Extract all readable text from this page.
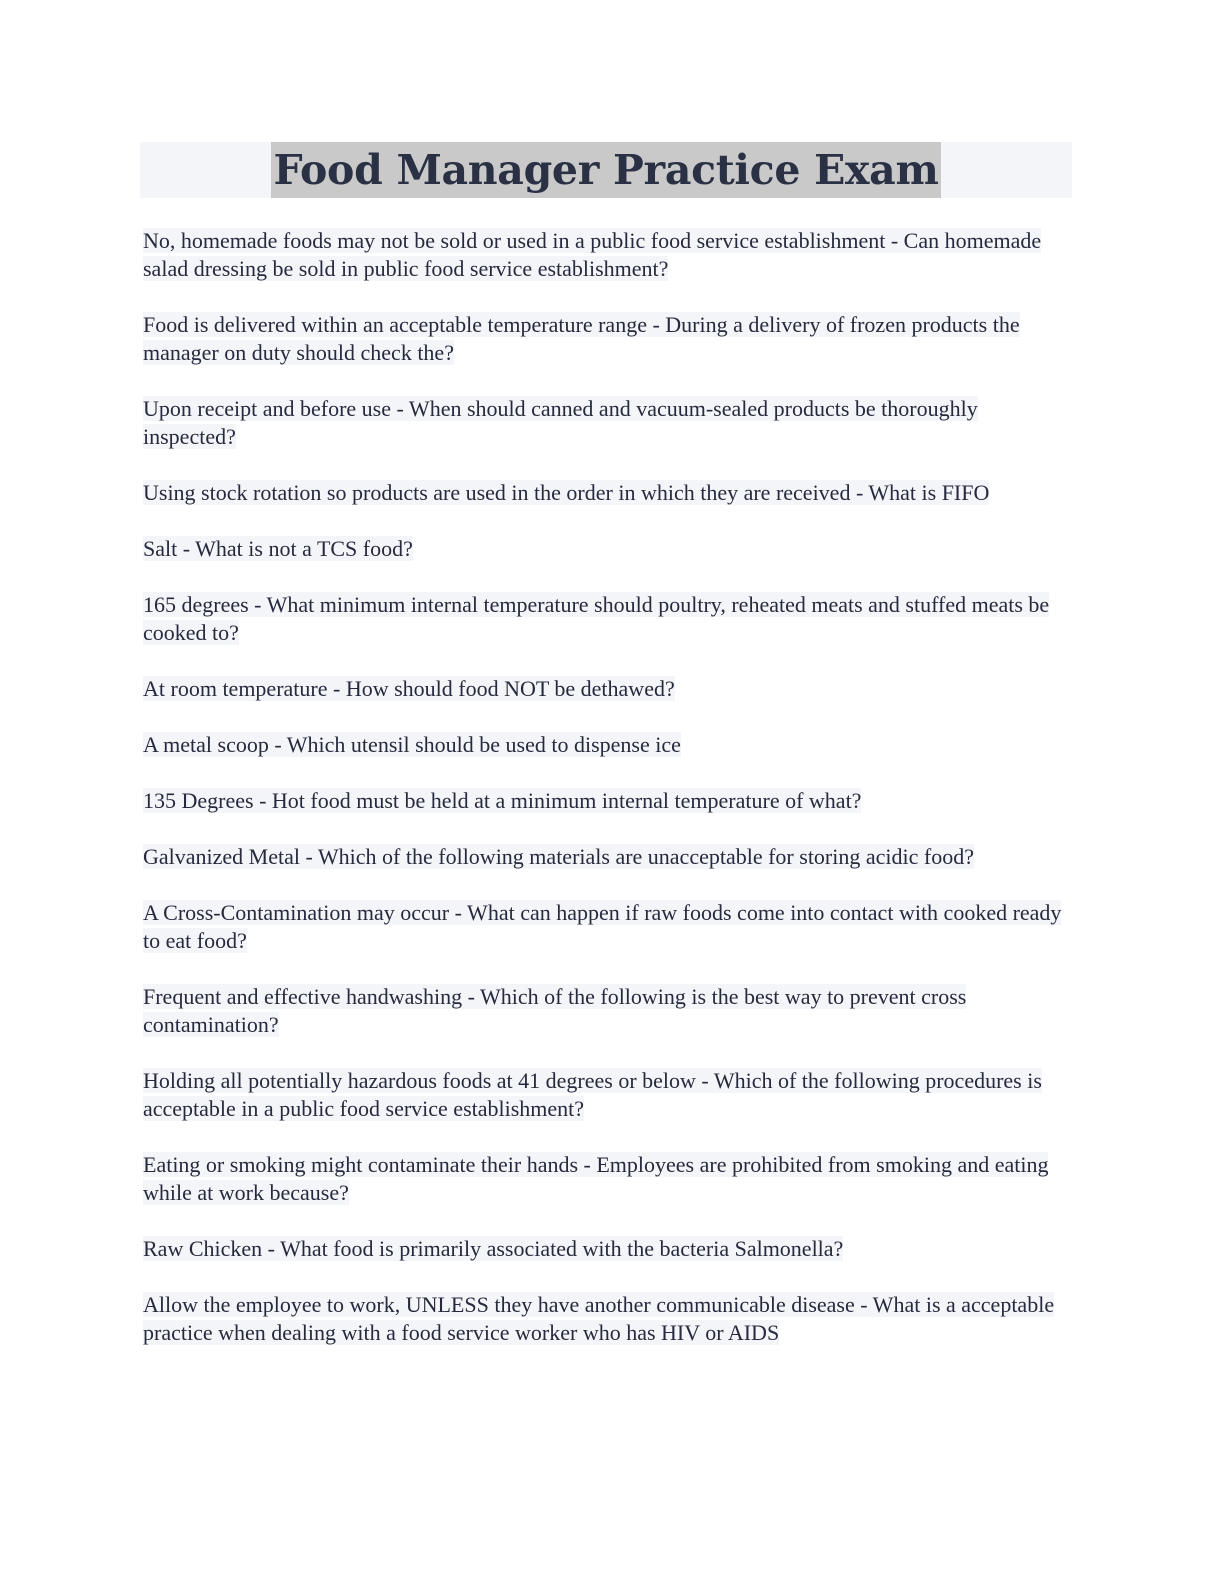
Food Manager Practice Exam
No, homemade foods may not be sold or used in a public food service establishment - Can homemade salad dressing be sold in public food service establishment?
Food is delivered within an acceptable temperature range - During a delivery of frozen products the manager on duty should check the?
Upon receipt and before use - When should canned and vacuum-sealed products be thoroughly inspected?
Using stock rotation so products are used in the order in which they are received - What is FIFO
Salt - What is not a TCS food?
165 degrees - What minimum internal temperature should poultry, reheated meats and stuffed meats be cooked to?
At room temperature - How should food NOT be dethawed?
A metal scoop - Which utensil should be used to dispense ice
135 Degrees - Hot food must be held at a minimum internal temperature of what?
Galvanized Metal - Which of the following materials are unacceptable for storing acidic food?
A Cross-Contamination may occur - What can happen if raw foods come into contact with cooked ready to eat food?
Frequent and effective handwashing - Which of the following is the best way to prevent cross contamination?
Holding all potentially hazardous foods at 41 degrees or below - Which of the following procedures is acceptable in a public food service establishment?
Eating or smoking might contaminate their hands - Employees are prohibited from smoking and eating while at work because?
Raw Chicken - What food is primarily associated with the bacteria Salmonella?
Allow the employee to work, UNLESS they have another communicable disease - What is a acceptable practice when dealing with a food service worker who has HIV or AIDS
